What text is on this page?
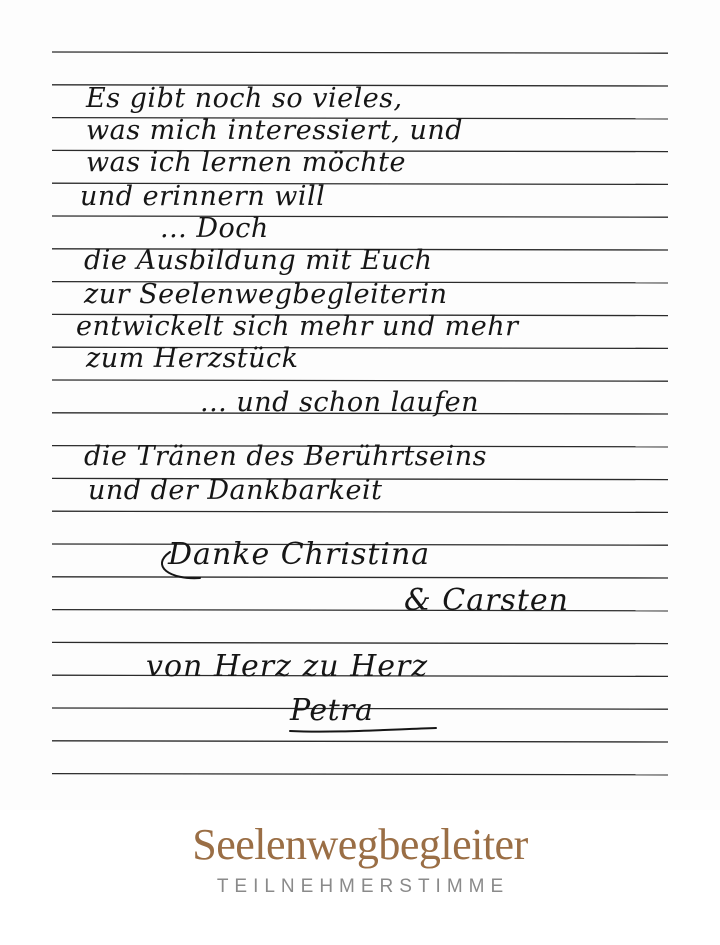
Es gibt noch so vieles,

was mich interessiert, und

was ich lernen möchte

und erinnern will

... Doch

die Ausbildung mit Euch

zur Seelenwegbegleiterin

entwickelt sich mehr und mehr

zum Herzstück

... und schon laufen

die Tränen des Berührtseins

und der Dankbarkeit

Danke Christina

& Carsten

von Herz zu Herz

Petra

Seelenwegbegleiter
TEILNEHMERSTIMME
